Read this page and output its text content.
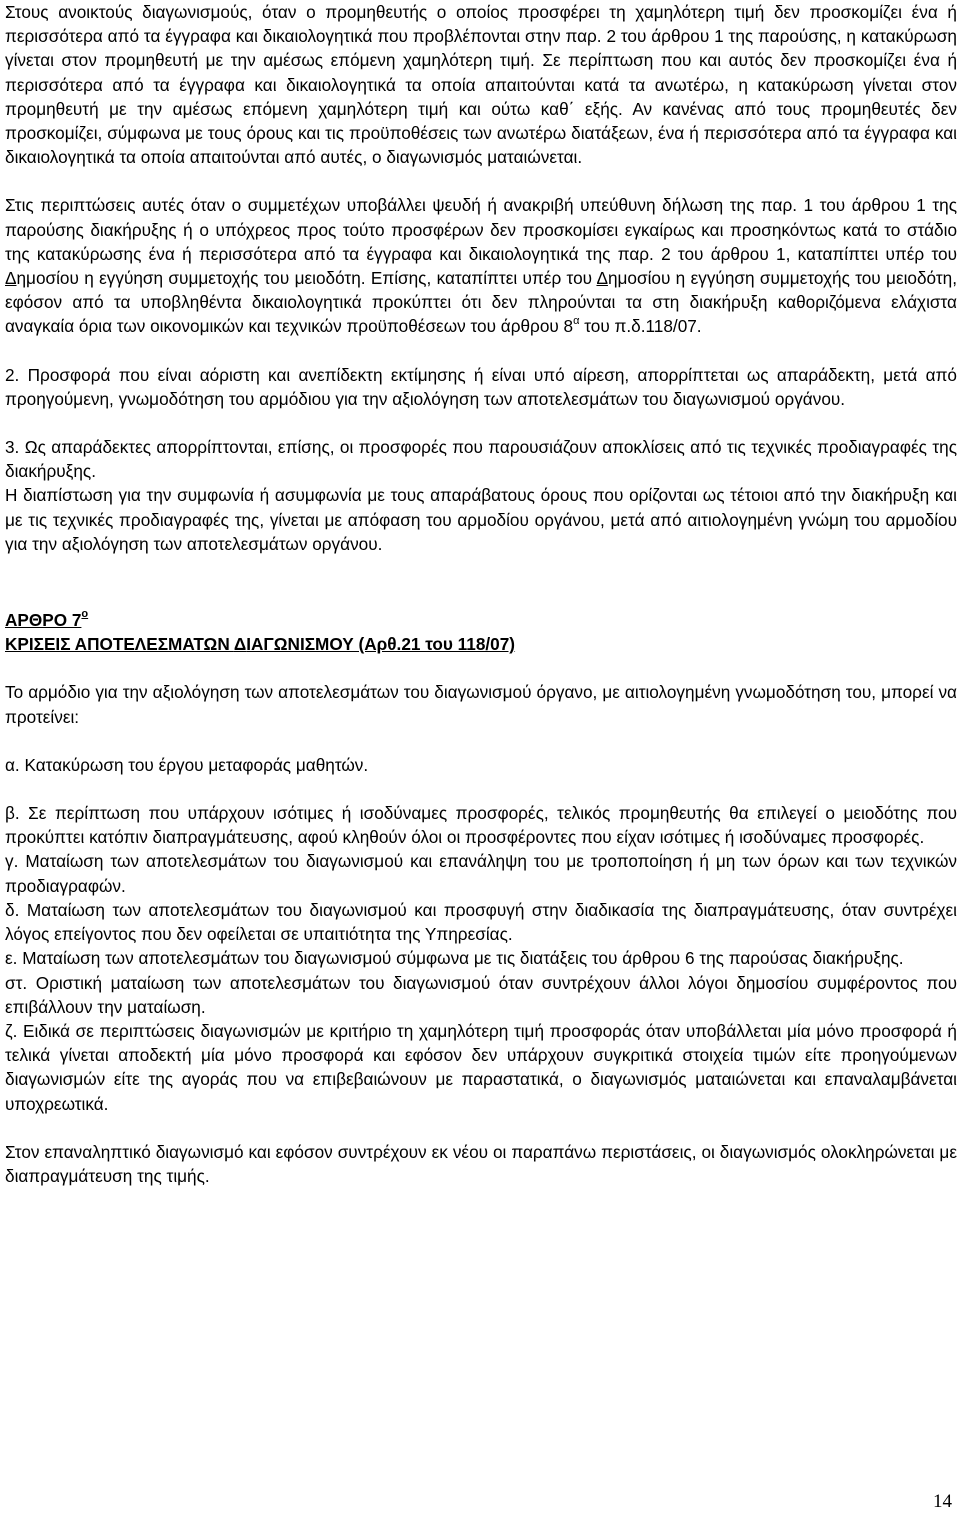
Στους ανοικτούς διαγωνισμούς, όταν ο προμηθευτής ο οποίος προσφέρει τη χαμηλότερη τιμή δεν προσκομίζει ένα ή περισσότερα από τα έγγραφα και δικαιολογητικά που προβλέπονται στην παρ. 2 του άρθρου 1 της παρούσης, η κατακύρωση γίνεται στον προμηθευτή με την αμέσως επόμενη χαμηλότερη τιμή. Σε περίπτωση που και αυτός δεν προσκομίζει ένα ή περισσότερα από τα έγγραφα και δικαιολογητικά τα οποία απαιτούνται κατά τα ανωτέρω, η κατακύρωση γίνεται στον προμηθευτή με την αμέσως επόμενη χαμηλότερη τιμή και ούτω καθ΄ εξής. Αν κανένας από τους προμηθευτές δεν προσκομίζει, σύμφωνα με τους όρους και τις προϋποθέσεις των ανωτέρω διατάξεων, ένα ή περισσότερα από τα έγγραφα και δικαιολογητικά τα οποία απαιτούνται από αυτές, ο διαγωνισμός ματαιώνεται.

Στις περιπτώσεις αυτές όταν ο συμμετέχων υποβάλλει ψευδή ή ανακριβή υπεύθυνη δήλωση της παρ. 1 του άρθρου 1 της παρούσης διακήρυξης ή ο υπόχρεος προς τούτο προσφέρων δεν προσκομίσει εγκαίρως και προσηκόντως κατά το στάδιο της κατακύρωσης ένα ή περισσότερα από τα έγγραφα και δικαιολογητικά της παρ. 2 του άρθρου 1, καταπίπτει υπέρ του Δημοσίου η εγγύηση συμμετοχής του μειοδότη. Επίσης, καταπίπτει υπέρ του Δημοσίου η εγγύηση συμμετοχής του μειοδότη, εφόσον από τα υποβληθέντα δικαιολογητικά προκύπτει ότι δεν πληρούνται τα στη διακήρυξη καθοριζόμενα ελάχιστα αναγκαία όρια των οικονομικών και τεχνικών προϋποθέσεων του άρθρου $8^\alpha$ του π.δ.118/07.

2. Προσφορά που είναι αόριστη και ανεπίδεκτη εκτίμησης ή είναι υπό αίρεση, απορρίπτεται ως απαράδεκτη, μετά από προηγούμενη, γνωμοδότηση του αρμόδιου για την αξιολόγηση των αποτελεσμάτων του διαγωνισμού οργάνου.

3. Ως απαράδεκτες απορρίπτονται, επίσης, οι προσφορές που παρουσιάζουν αποκλίσεις από τις τεχνικές προδιαγραφές της διακήρυξης.

Η διαπίστωση για την συμφωνία ή ασυμφωνία με τους απαράβατους όρους που ορίζονται ως τέτοιοι από την διακήρυξη και με τις τεχνικές προδιαγραφές της, γίνεται με απόφαση του αρμοδίου οργάνου, μετά από αιτιολογημένη γνώμη του αρμοδίου για την αξιολόγηση των αποτελεσμάτων οργάνου.

ΑΡΘΡΟ $7^o$

ΚΡΙΣΕΙΣ ΑΠΟΤΕΛΕΣΜΑΤΩΝ ΔΙΑΓΩΝΙΣΜΟΥ (Αρθ.21 του 118/07)

Το αρμόδιο για την αξιολόγηση των αποτελεσμάτων του διαγωνισμού όργανο, με αιτιολογημένη γνωμοδότηση του, μπορεί να προτείνει:

α. Κατακύρωση του έργου μεταφοράς μαθητών.

β. Σε περίπτωση που υπάρχουν ισότιμες ή ισοδύναμες προσφορές, τελικός προμηθευτής θα επιλεγεί ο μειοδότης που προκύπτει κατόπιν διαπραγμάτευσης, αφού κληθούν όλοι οι προσφέροντες που είχαν ισότιμες ή ισοδύναμες προσφορές.

γ. Ματαίωση των αποτελεσμάτων του διαγωνισμού και επανάληψη του με τροποποίηση ή μη των όρων και των τεχνικών προδιαγραφών.

δ. Ματαίωση των αποτελεσμάτων του διαγωνισμού και προσφυγή στην διαδικασία της διαπραγμάτευσης, όταν συντρέχει λόγος επείγοντος που δεν οφείλεται σε υπαιτιότητα της Υπηρεσίας.

ε. Ματαίωση των αποτελεσμάτων του διαγωνισμού σύμφωνα με τις διατάξεις του άρθρου 6 της παρούσας διακήρυξης.

στ. Οριστική ματαίωση των αποτελεσμάτων του διαγωνισμού όταν συντρέχουν άλλοι λόγοι δημοσίου συμφέροντος που επιβάλλουν την ματαίωση.

ζ. Ειδικά σε περιπτώσεις διαγωνισμών με κριτήριο τη χαμηλότερη τιμή προσφοράς όταν υποβάλλεται μία μόνο προσφορά ή τελικά γίνεται αποδεκτή μία μόνο προσφορά και εφόσον δεν υπάρχουν συγκριτικά στοιχεία τιμών είτε προηγούμενων διαγωνισμών είτε της αγοράς που να επιβεβαιώνουν με παραστατικά, ο διαγωνισμός ματαιώνεται και επαναλαμβάνεται υποχρεωτικά.

Στον επαναληπτικό διαγωνισμό και εφόσον συντρέχουν εκ νέου οι παραπάνω περιστάσεις, οι διαγωνισμός ολοκληρώνεται με διαπραγμάτευση της τιμής.

14
